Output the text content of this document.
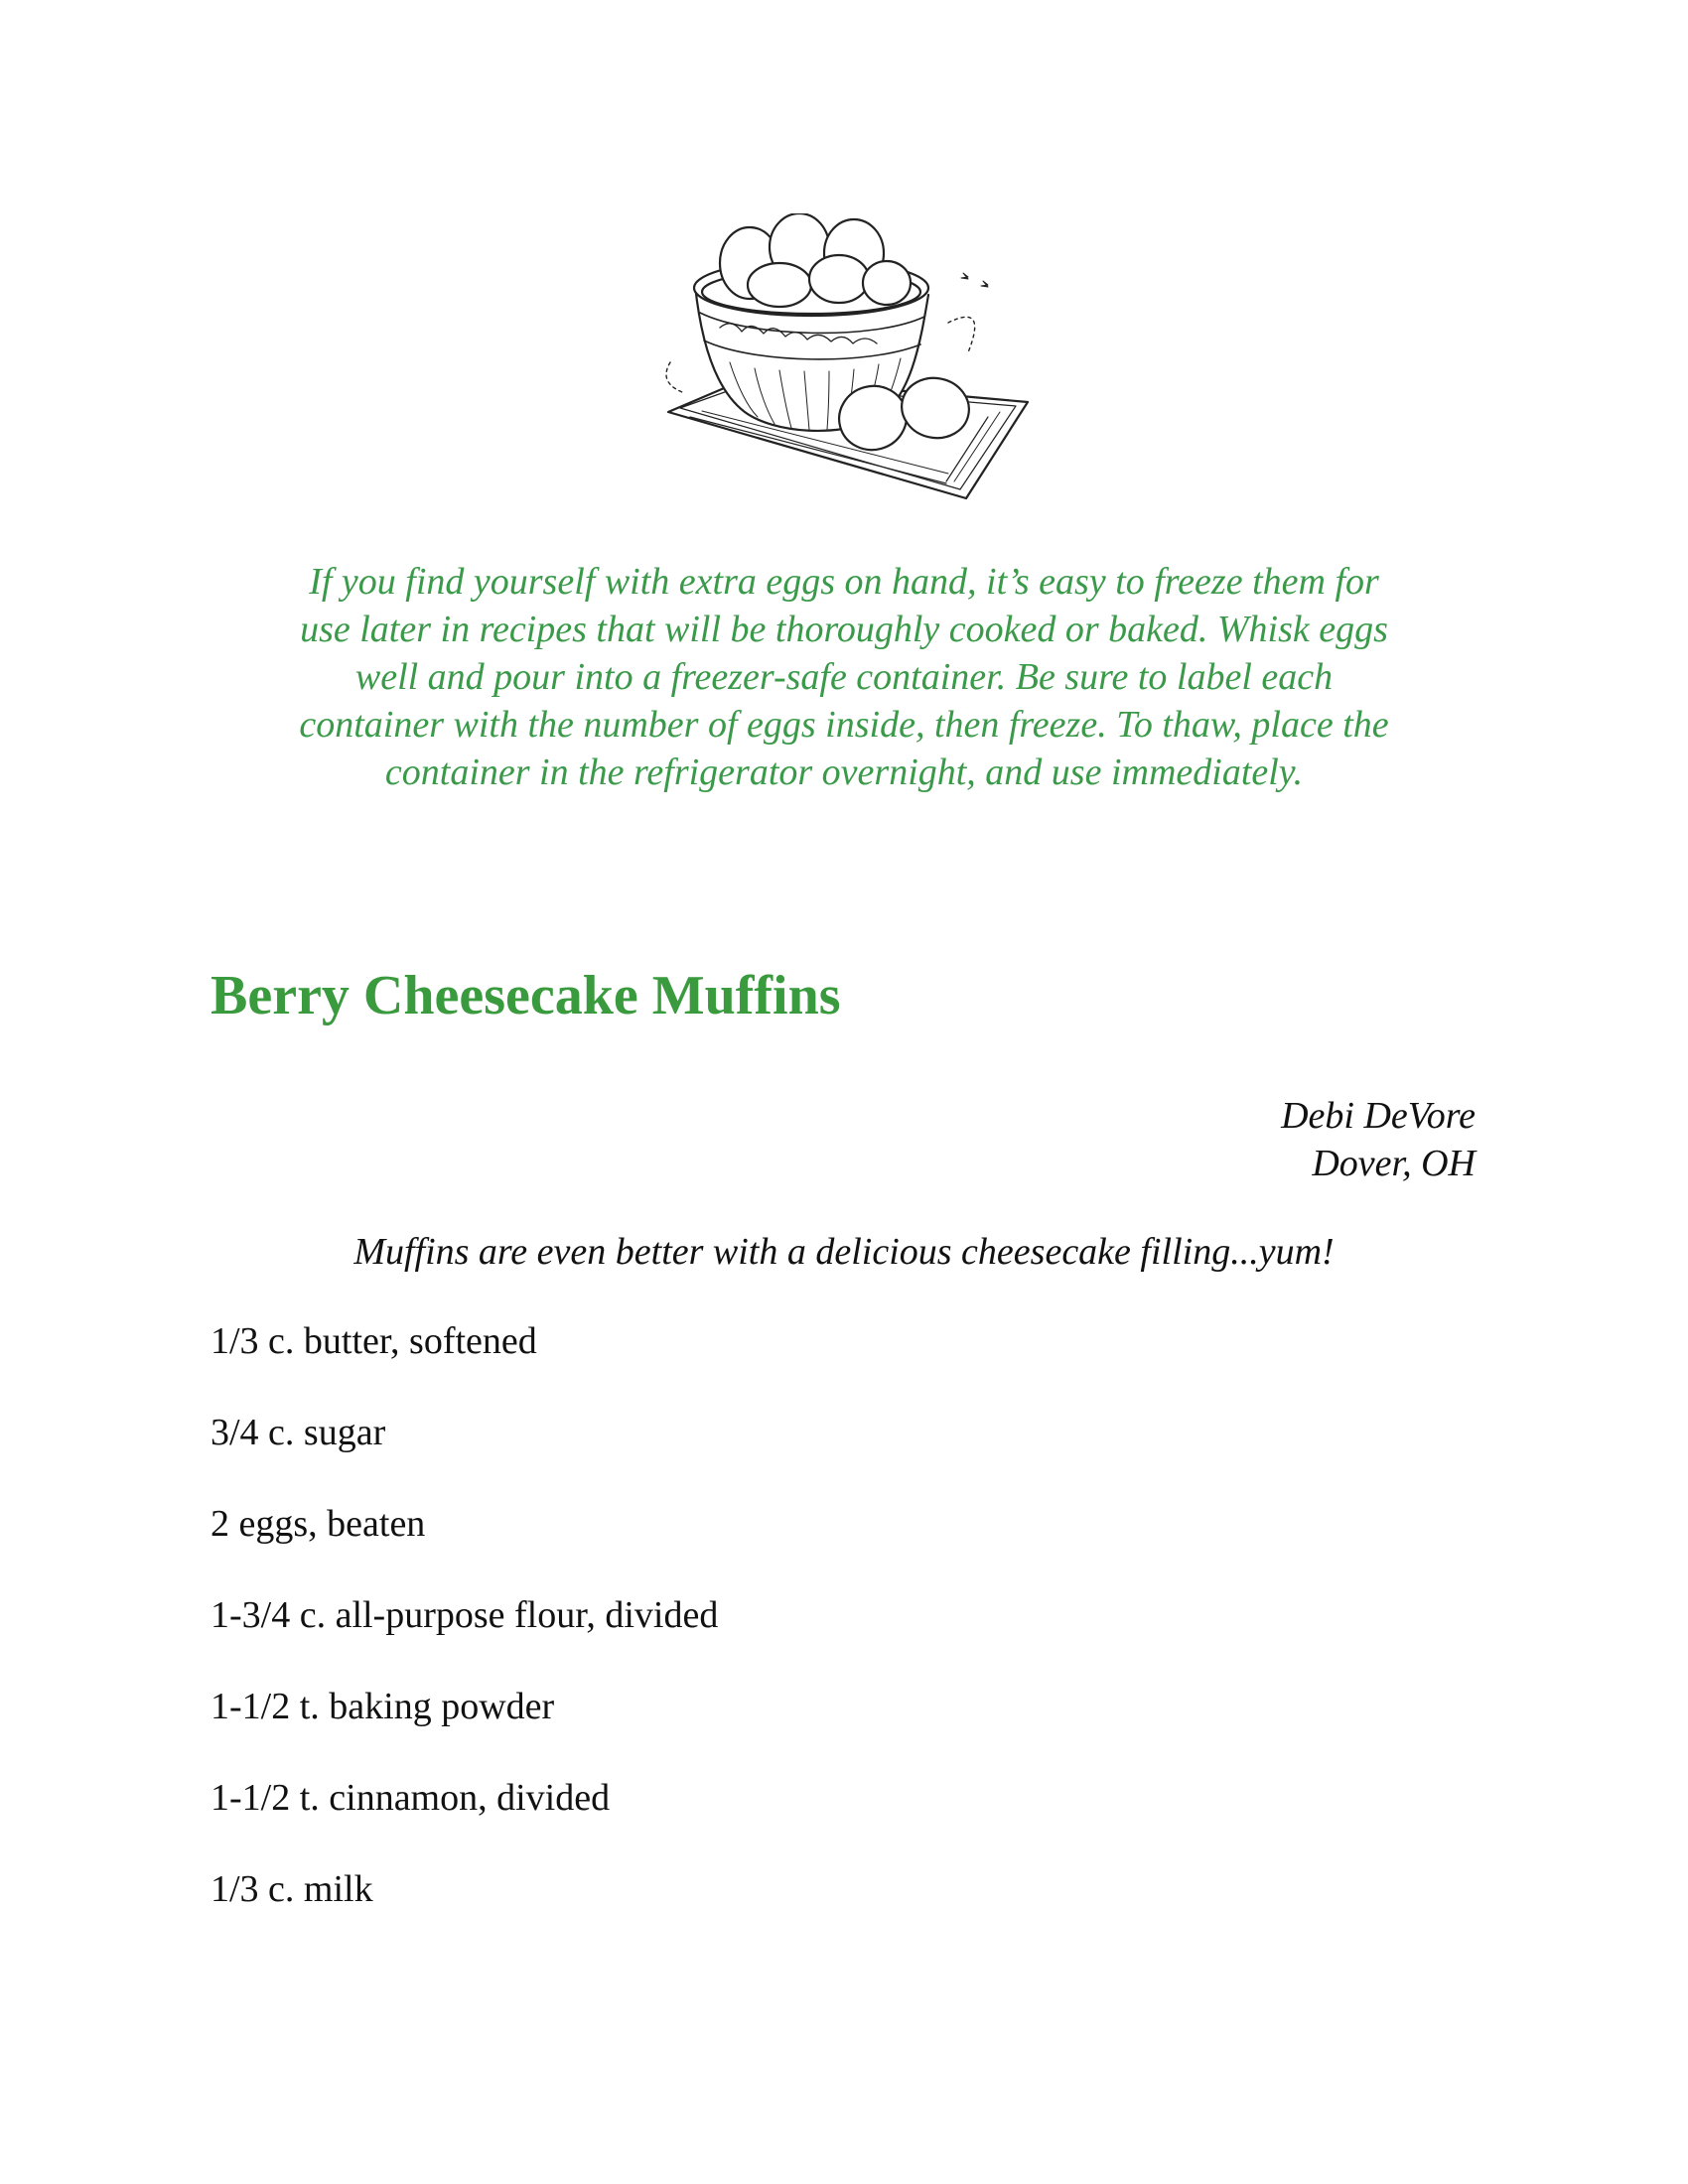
If you find yourself with extra eggs on hand, it’s easy to freeze them for
use later in recipes that will be thoroughly cooked or baked. Whisk eggs
well and pour into a freezer-safe container. Be sure to label each
container with the number of eggs inside, then freeze. To thaw, place the
container in the refrigerator overnight, and use immediately.

Berry Cheesecake Muffins
Debi DeVore
Dover, OH

Muffins are even better with a delicious cheesecake filling...yum!

1/3 c. butter, softened
3/4 c. sugar
2 eggs, beaten
1-3/4 c. all-purpose flour, divided
1-1/2 t. baking powder
1-1/2 t. cinnamon, divided
1/3 c. milk
